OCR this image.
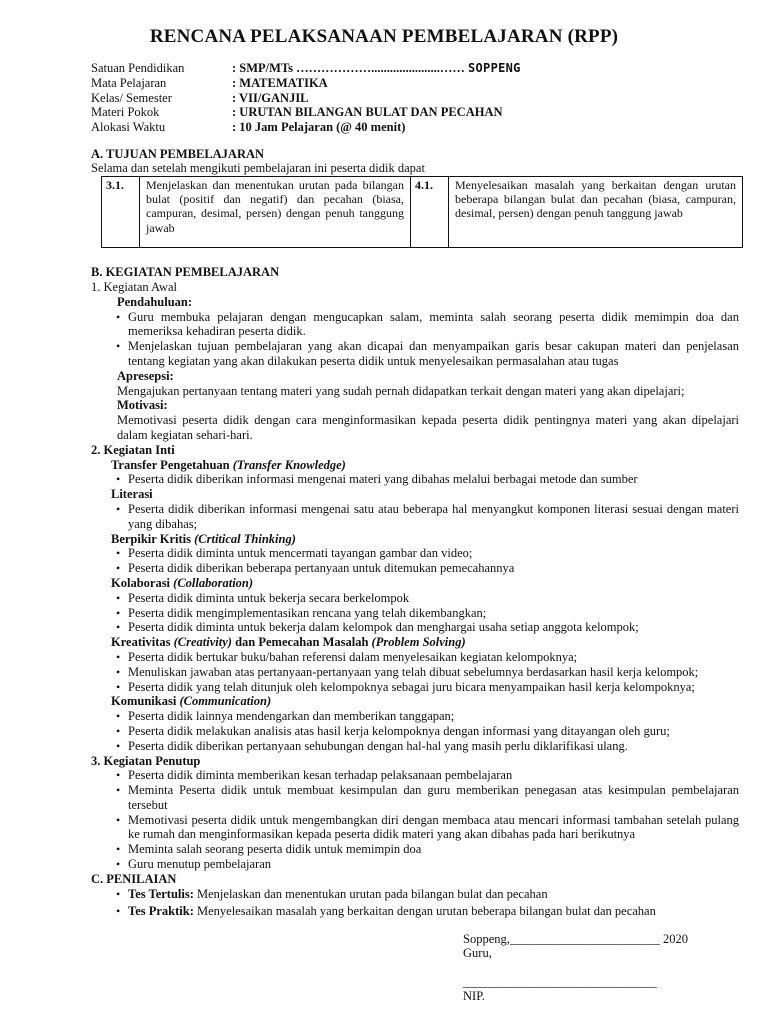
RENCANA PELAKSANAAN PEMBELAJARAN (RPP)
Satuan Pendidikan	: SMP/MTs ………………......................…… SOPPENG
Mata Pelajaran	: MATEMATIKA
Kelas/ Semester	: VII/GANJIL
Materi Pokok	: URUTAN BILANGAN BULAT DAN PECAHAN
Alokasi Waktu	: 10 Jam Pelajaran (@ 40 menit)
A. TUJUAN PEMBELAJARAN
Selama dan setelah mengikuti pembelajaran ini peserta didik dapat
3.1.	Menjelaskan dan menentukan urutan pada bilangan bulat (positif dan negatif) dan pecahan (biasa, campuran, desimal, persen) dengan penuh tanggung jawab	4.1.	Menyelesaikan masalah yang berkaitan dengan urutan beberapa bilangan bulat dan pecahan (biasa, campuran, desimal, persen) dengan penuh tanggung jawab
B. KEGIATAN PEMBELAJARAN
1. Kegiatan Awal
Pendahuluan:
• Guru membuka pelajaran dengan mengucapkan salam, meminta salah seorang peserta didik memimpin doa dan memeriksa kehadiran peserta didik.
• Menjelaskan tujuan pembelajaran yang akan dicapai dan menyampaikan garis besar cakupan materi dan penjelasan tentang kegiatan yang akan dilakukan peserta didik untuk menyelesaikan permasalahan atau tugas
Apresepsi:
Mengajukan pertanyaan tentang materi yang sudah pernah didapatkan terkait dengan materi yang akan dipelajari;
Motivasi:
Memotivasi peserta didik dengan cara menginformasikan kepada peserta didik pentingnya materi yang akan dipelajari dalam kegiatan sehari-hari.
2. Kegiatan Inti
Transfer Pengetahuan (Transfer Knowledge)
• Peserta didik diberikan informasi mengenai materi yang dibahas melalui berbagai metode dan sumber
Literasi
• Peserta didik diberikan informasi mengenai satu atau beberapa hal menyangkut komponen literasi sesuai dengan materi yang dibahas;
Berpikir Kritis (Crtitical Thinking)
• Peserta didik diminta untuk mencermati tayangan gambar dan video;
• Peserta didik diberikan beberapa pertanyaan untuk ditemukan pemecahannya
Kolaborasi (Collaboration)
• Peserta didik diminta untuk bekerja secara berkelompok
• Peserta didik mengimplementasikan rencana yang telah dikembangkan;
• Peserta didik diminta untuk bekerja dalam kelompok dan menghargai usaha setiap anggota kelompok;
Kreativitas (Creativity) dan Pemecahan Masalah (Problem Solving)
• Peserta didik bertukar buku/bahan referensi dalam menyelesaikan kegiatan kelompoknya;
• Menuliskan jawaban atas pertanyaan-pertanyaan yang telah dibuat sebelumnya berdasarkan hasil kerja kelompok;
• Peserta didik yang telah ditunjuk oleh kelompoknya sebagai juru bicara menyampaikan hasil kerja kelompoknya;
Komunikasi (Communication)
• Peserta didik lainnya mendengarkan dan memberikan tanggapan;
• Peserta didik melakukan analisis atas hasil kerja kelompoknya dengan informasi yang ditayangan oleh guru;
• Peserta didik diberikan pertanyaan sehubungan dengan hal-hal yang masih perlu diklarifikasi ulang.
3. Kegiatan Penutup
• Peserta didik diminta memberikan kesan terhadap pelaksanaan pembelajaran
• Meminta Peserta didik untuk membuat kesimpulan dan guru memberikan penegasan atas kesimpulan pembelajaran tersebut
• Memotivasi peserta didik untuk mengembangkan diri dengan membaca atau mencari informasi tambahan setelah pulang ke rumah dan menginformasikan kepada peserta didik materi yang akan dibahas pada hari berikutnya
• Meminta salah seorang peserta didik untuk memimpin doa
• Guru menutup pembelajaran
C. PENILAIAN
• Tes Tertulis: Menjelaskan dan menentukan urutan pada bilangan bulat dan pecahan
• Tes Praktik: Menyelesaikan masalah yang berkaitan dengan urutan beberapa bilangan bulat dan pecahan
Soppeng,________________________ 2020
Guru,
_______________________________
NIP.
